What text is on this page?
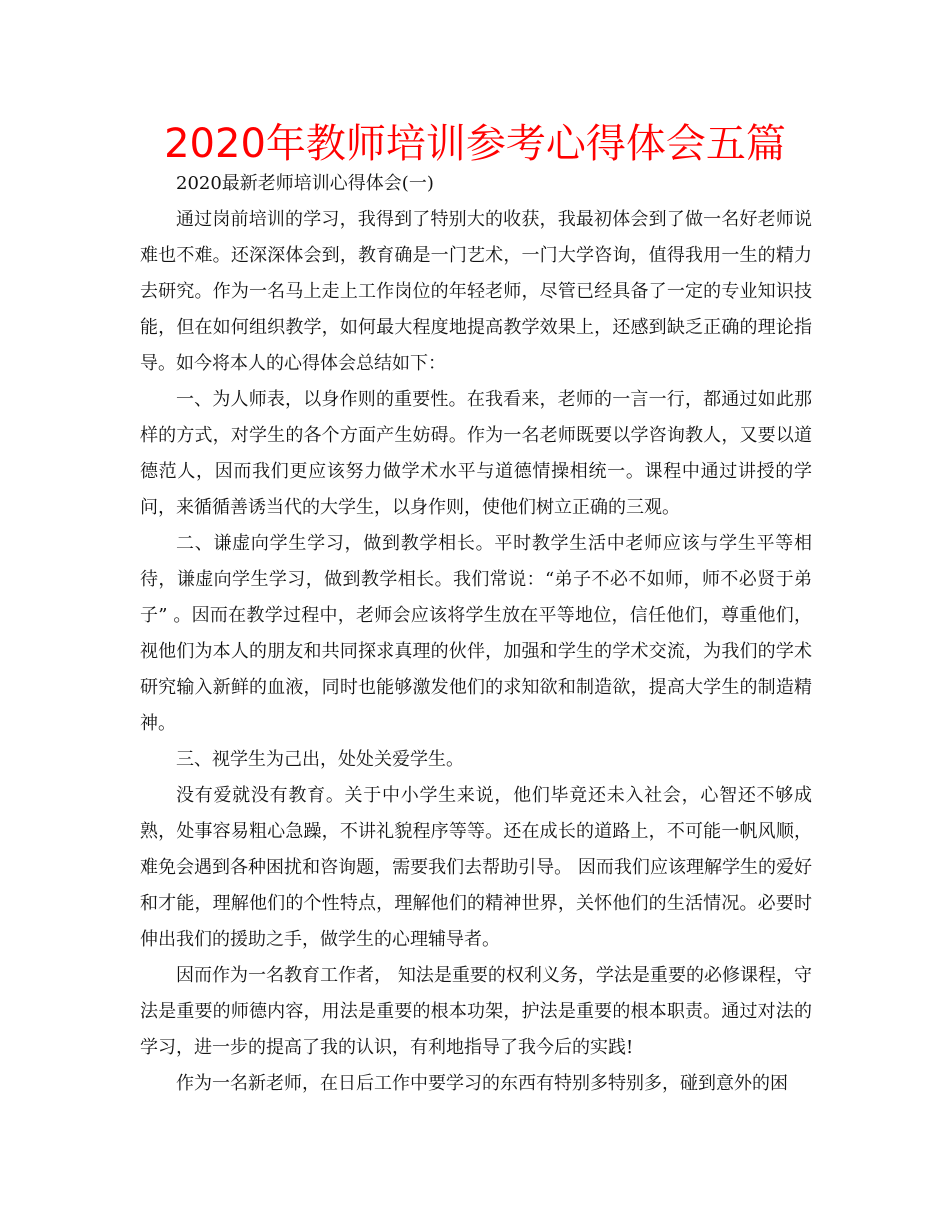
2020年教师培训参考心得体会五篇

2020最新老师培训心得体会(一)

通过岗前培训的学习，我得到了特别大的收获，我最初体会到了做一名好老师说难也不难。还深深体会到，教育确是一门艺术，一门大学咨询，值得我用一生的精力去研究。作为一名马上走上工作岗位的年轻老师，尽管已经具备了一定的专业知识技能，但在如何组织教学，如何最大程度地提高教学效果上，还感到缺乏正确的理论指导。如今将本人的心得体会总结如下：

一、为人师表，以身作则的重要性。在我看来，老师的一言一行，都通过如此那样的方式，对学生的各个方面产生妨碍。作为一名老师既要以学咨询教人，又要以道德范人，因而我们更应该努力做学术水平与道德情操相统一。课程中通过讲授的学问，来循循善诱当代的大学生，以身作则，使他们树立正确的三观。

二、谦虚向学生学习，做到教学相长。平时教学生活中老师应该与学生平等相待，谦虚向学生学习，做到教学相长。我们常说：“弟子不必不如师，师不必贤于弟子” 。因而在教学过程中，老师会应该将学生放在平等地位，信任他们，尊重他们，视他们为本人的朋友和共同探求真理的伙伴，加强和学生的学术交流，为我们的学术研究输入新鲜的血液，同时也能够激发他们的求知欲和制造欲，提高大学生的制造精神。

三、视学生为己出，处处关爱学生。

没有爱就没有教育。关于中小学生来说，他们毕竟还未入社会，心智还不够成熟，处事容易粗心急躁，不讲礼貌程序等等。还在成长的道路上，不可能一帆风顺，难免会遇到各种困扰和咨询题，需要我们去帮助引导。 因而我们应该理解学生的爱好和才能，理解他们的个性特点，理解他们的精神世界，关怀他们的生活情况。必要时伸出我们的援助之手，做学生的心理辅导者。

因而作为一名教育工作者， 知法是重要的权利义务，学法是重要的必修课程，守法是重要的师德内容，用法是重要的根本功架，护法是重要的根本职责。通过对法的学习，进一步的提高了我的认识，有利地指导了我今后的实践!

作为一名新老师，在日后工作中要学习的东西有特别多特别多，碰到意外的困
